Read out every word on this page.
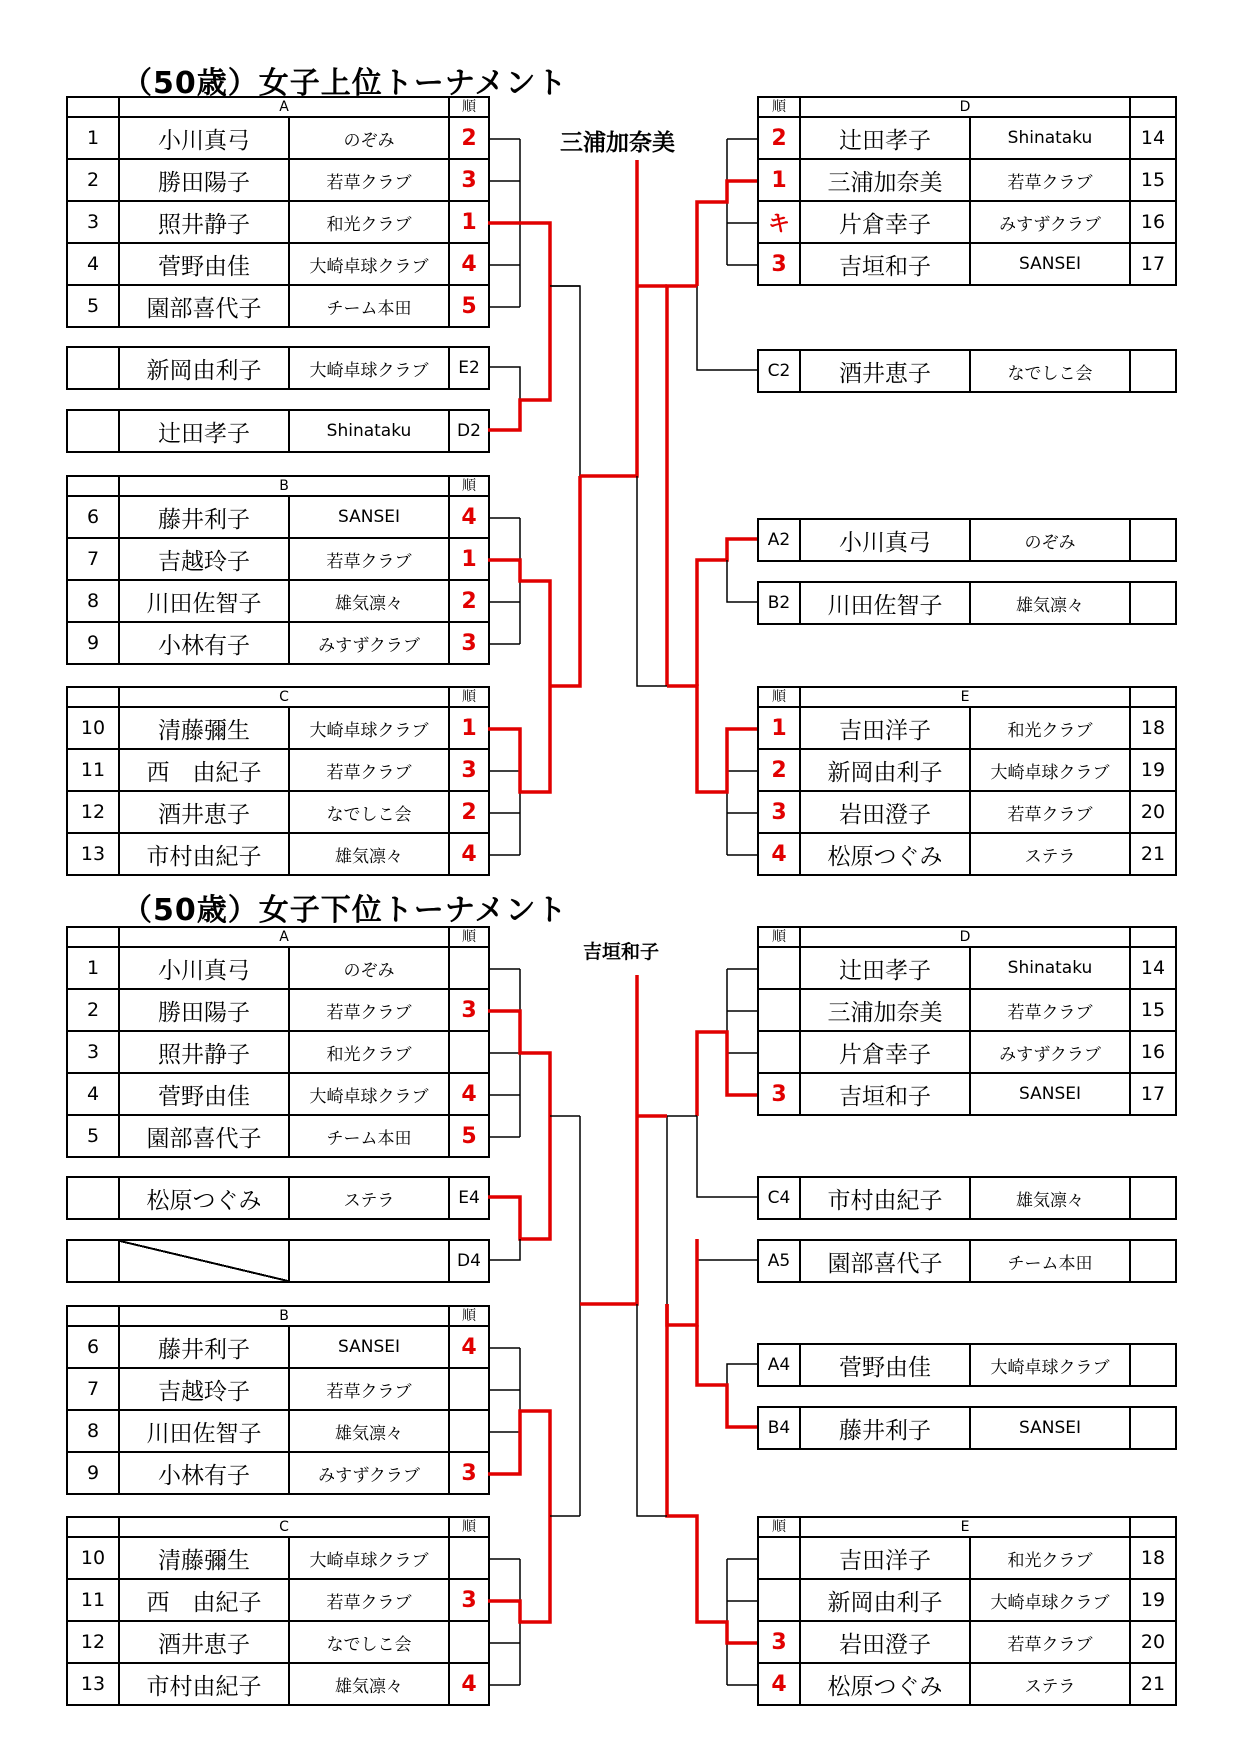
（50歳）女子上位トーナメント
三浦加奈美
	A		順
1	小川真弓	のぞみ	2
2	勝田陽子	若草クラブ	3
3	照井静子	和光クラブ	1
4	菅野由佳	大崎卓球クラブ	4
5	園部喜代子	チーム本田	5
	新岡由利子	大崎卓球クラブ	E2
	辻田孝子	Shinataku	D2
	B		順
6	藤井利子	SANSEI	4
7	吉越玲子	若草クラブ	1
8	川田佐智子	雄気凛々	2
9	小林有子	みすずクラブ	3
	C		順
10	清藤彌生	大崎卓球クラブ	1
11	西　由紀子	若草クラブ	3
12	酒井恵子	なでしこ会	2
13	市村由紀子	雄気凛々	4
順	D		
2	辻田孝子	Shinataku	14
1	三浦加奈美	若草クラブ	15
キ	片倉幸子	みすずクラブ	16
3	吉垣和子	SANSEI	17
C2	酒井恵子	なでしこ会	
A2	小川真弓	のぞみ	
B2	川田佐智子	雄気凛々	
順	E		
1	吉田洋子	和光クラブ	18
2	新岡由利子	大崎卓球クラブ	19
3	岩田澄子	若草クラブ	20
4	松原つぐみ	ステラ	21
（50歳）女子下位トーナメント
吉垣和子
	A		順
1	小川真弓	のぞみ	
2	勝田陽子	若草クラブ	3
3	照井静子	和光クラブ	
4	菅野由佳	大崎卓球クラブ	4
5	園部喜代子	チーム本田	5
	松原つぐみ	ステラ	E4
			D4
	B		順
6	藤井利子	SANSEI	4
7	吉越玲子	若草クラブ	
8	川田佐智子	雄気凛々	
9	小林有子	みすずクラブ	3
	C		順
10	清藤彌生	大崎卓球クラブ	
11	西　由紀子	若草クラブ	3
12	酒井恵子	なでしこ会	
13	市村由紀子	雄気凛々	4
順	D		
	辻田孝子	Shinataku	14
	三浦加奈美	若草クラブ	15
	片倉幸子	みすずクラブ	16
3	吉垣和子	SANSEI	17
C4	市村由紀子	雄気凛々	
A5	園部喜代子	チーム本田	
A4	菅野由佳	大崎卓球クラブ	
B4	藤井利子	SANSEI	
順	E		
	吉田洋子	和光クラブ	18
	新岡由利子	大崎卓球クラブ	19
3	岩田澄子	若草クラブ	20
4	松原つぐみ	ステラ	21
